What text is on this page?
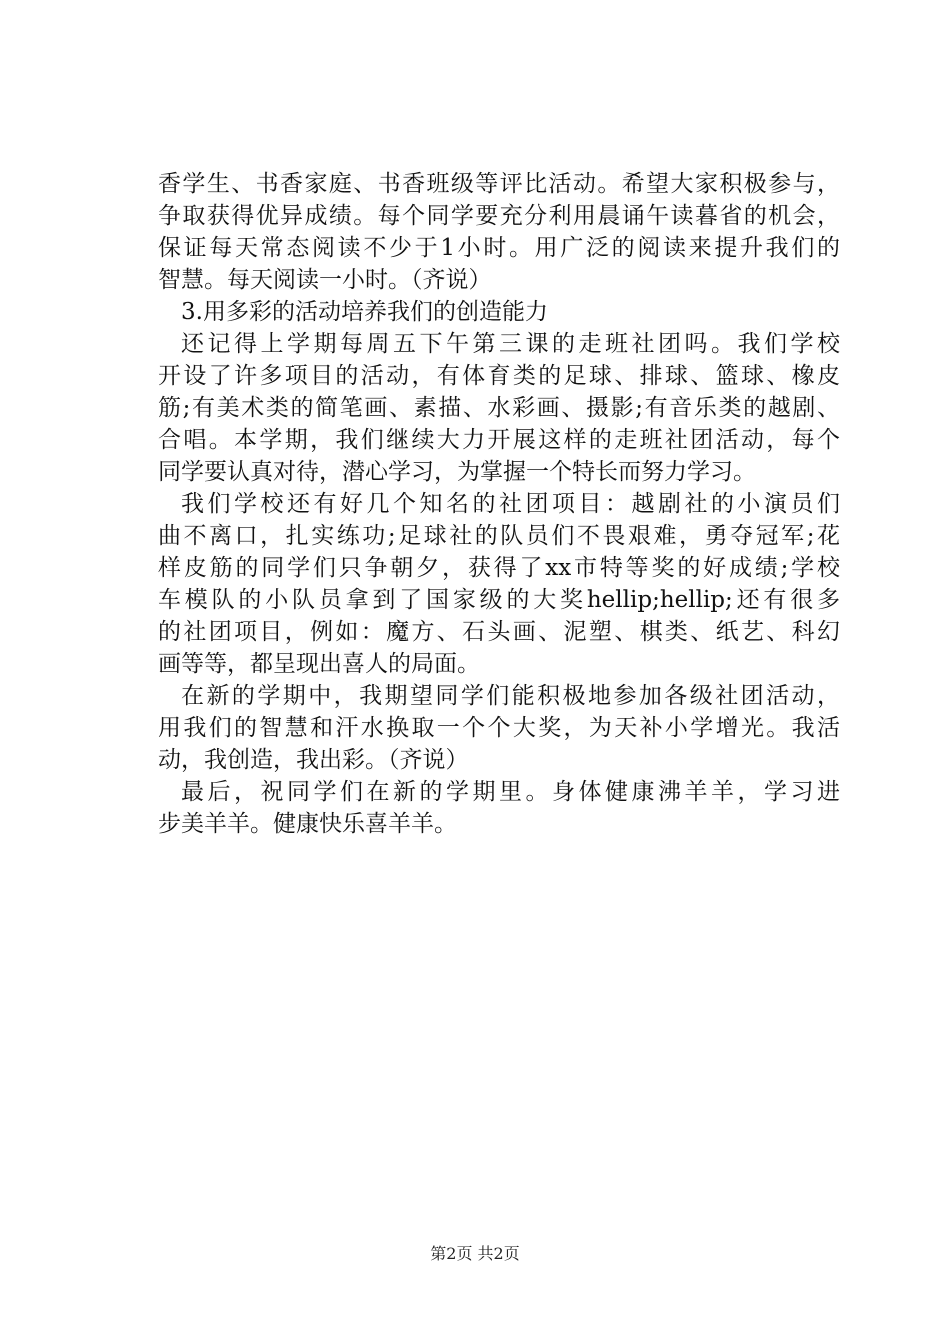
香学生、书香家庭、书香班级等评比活动。希望大家积极参与，
争取获得优异成绩。每个同学要充分利用晨诵午读暮省的机会，
保证每天常态阅读不少于1小时。用广泛的阅读来提升我们的
智慧。每天阅读一小时。（齐说）
3.用多彩的活动培养我们的创造能力
还记得上学期每周五下午第三课的走班社团吗。我们学校
开设了许多项目的活动，有体育类的足球、排球、篮球、橡皮
筋;有美术类的简笔画、素描、水彩画、摄影;有音乐类的越剧、
合唱。本学期，我们继续大力开展这样的走班社团活动，每个
同学要认真对待，潜心学习，为掌握一个特长而努力学习。
我们学校还有好几个知名的社团项目：越剧社的小演员们
曲不离口，扎实练功;足球社的队员们不畏艰难，勇夺冠军;花
样皮筋的同学们只争朝夕，获得了xx市特等奖的好成绩;学校
车模队的小队员拿到了国家级的大奖hellip;hellip;还有很多
的社团项目，例如：魔方、石头画、泥塑、棋类、纸艺、科幻
画等等，都呈现出喜人的局面。
在新的学期中，我期望同学们能积极地参加各级社团活动，
用我们的智慧和汗水换取一个个大奖，为天补小学增光。我活
动，我创造，我出彩。（齐说）
最后，祝同学们在新的学期里。身体健康沸羊羊，学习进
步美羊羊。健康快乐喜羊羊。
第2页 共2页
